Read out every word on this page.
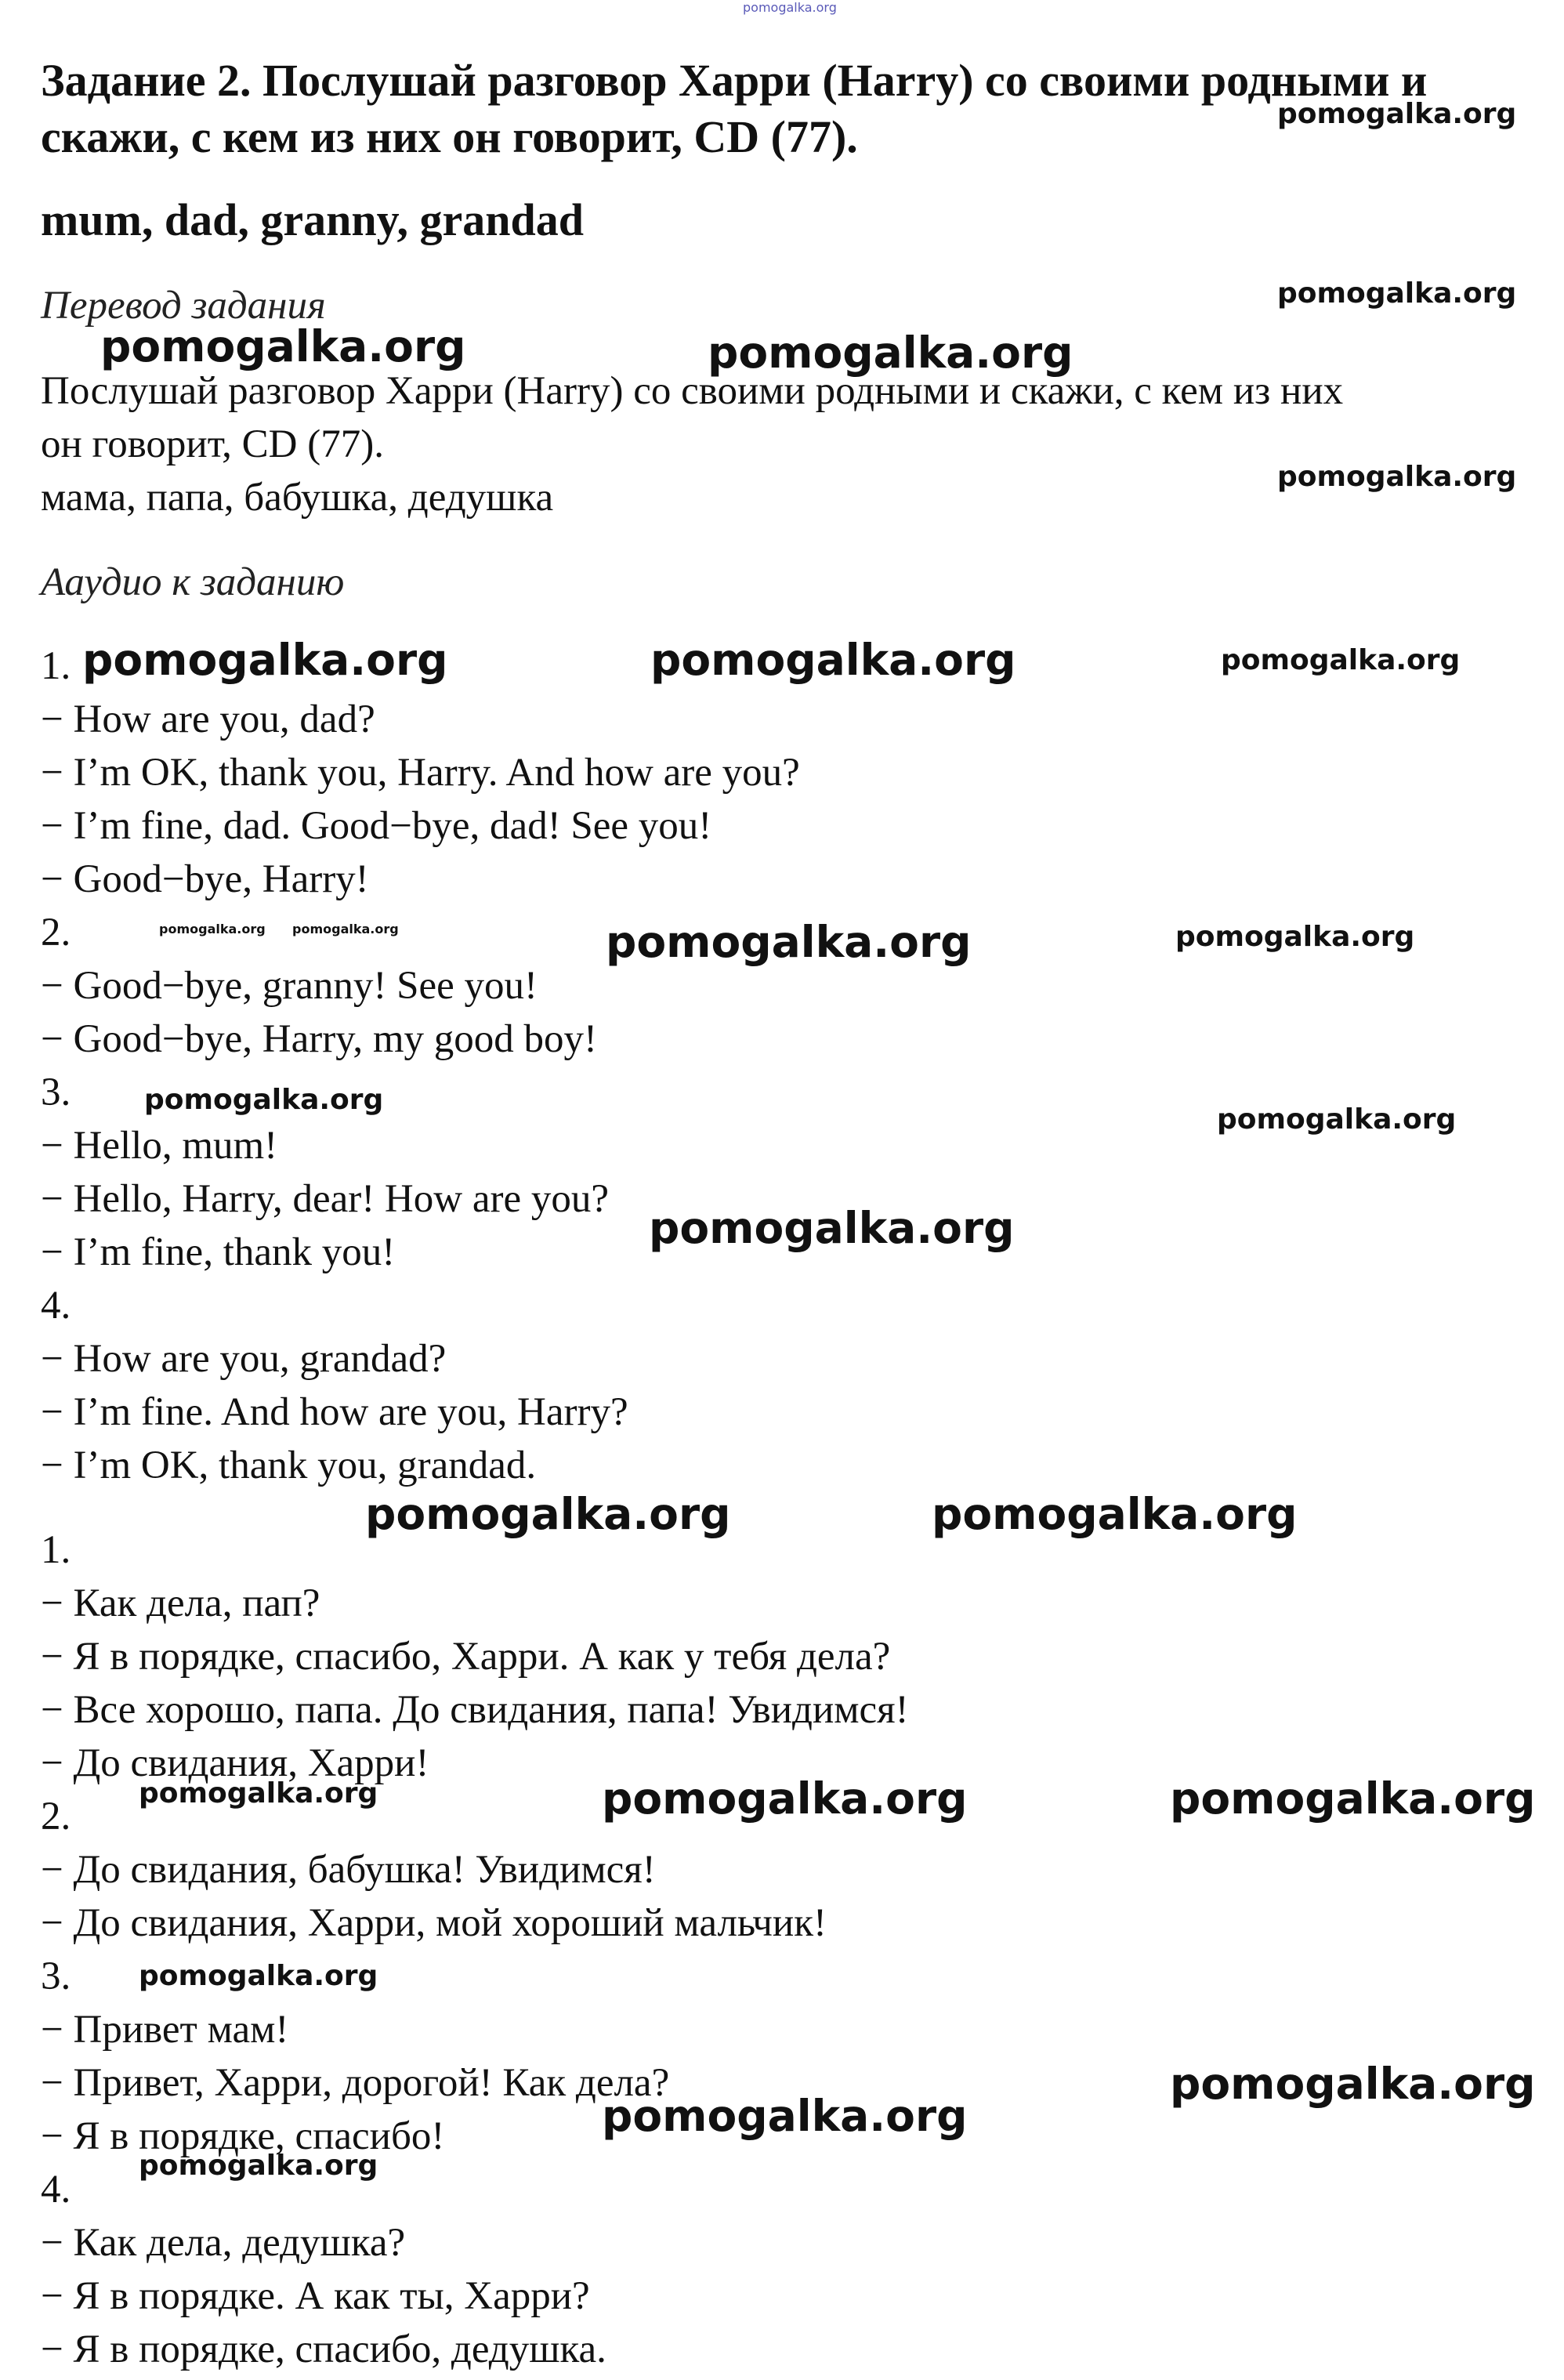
Задание 2. Послушай разговор Харри (Harry) со своими родными и
скажи, с кем из них он говорит, CD (77).
mum, dad, granny, grandad
Перевод задания
Послушай разговор Харри (Harry) со своими родными и скажи, с кем из них
он говорит, CD (77).
мама, папа, бабушка, дедушка
Ааудио к заданию
1.
− How are you, dad?
− I’m OK, thank you, Harry. And how are you?
− I’m fine, dad. Good−bye, dad! See you!
− Good−bye, Harry!
2.
− Good−bye, granny! See you!
− Good−bye, Harry, my good boy!
3.
− Hello, mum!
− Hello, Harry, dear! How are you?
− I’m fine, thank you!
4.
− How are you, grandad?
− I’m fine. And how are you, Harry?
− I’m OK, thank you, grandad.
1.
− Как дела, пап?
− Я в порядке, спасибо, Харри. А как у тебя дела?
− Все хорошо, папа. До свидания, папа! Увидимся!
− До свидания, Харри!
2.
− До свидания, бабушка! Увидимся!
− До свидания, Харри, мой хороший мальчик!
3.
− Привет мам!
− Привет, Харри, дорогой! Как дела?
− Я в порядке, спасибо!
4.
− Как дела, дедушка?
− Я в порядке. А как ты, Харри?
− Я в порядке, спасибо, дедушка.
pomogalka.org
pomogalka.org
pomogalka.org
pomogalka.org	pomogalka.org
pomogalka.org
pomogalka.org	pomogalka.org	pomogalka.org
pomogalka.org pomogalka.org	pomogalka.org	pomogalka.org
pomogalka.org
pomogalka.org
pomogalka.org
pomogalka.org	pomogalka.org
pomogalka.org	pomogalka.org	pomogalka.org
pomogalka.org
pomogalka.org
pomogalka.org
pomogalka.org
